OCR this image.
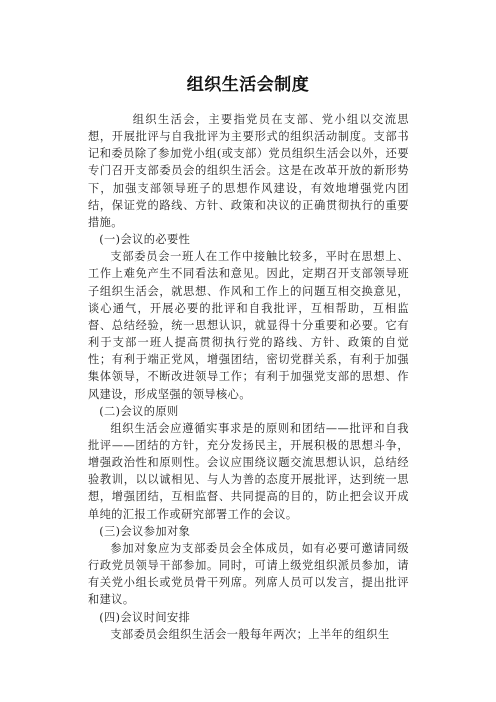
组织生活会制度

组织生活会，主要指党员在支部、党小组以交流思想，开展批评与自我批评为主要形式的组织活动制度。支部书记和委员除了参加党小组(或支部）党员组织生活会以外，还要专门召开支部委员会的组织生活会。这是在改革开放的新形势下，加强支部领导班子的思想作风建设，有效地增强党内团结，保证党的路线、方针、政策和决议的正确贯彻执行的重要措施。

(一)会议的必要性

支部委员会一班人在工作中接触比较多，平时在思想上、工作上难免产生不同看法和意见。因此，定期召开支部领导班子组织生活会，就思想、作风和工作上的问题互相交换意见，谈心通气，开展必要的批评和自我批评，互相帮助，互相监督、总结经验，统一思想认识，就显得十分重要和必要。它有利于支部一班人提高贯彻执行党的路线、方针、政策的自觉性；有利于端正党风，增强团结，密切党群关系，有利于加强集体领导，不断改进领导工作；有利于加强党支部的思想、作风建设，形成坚强的领导核心。

(二)会议的原则

组织生活会应遵循实事求是的原则和团结——批评和自我批评——团结的方针，充分发扬民主，开展积极的思想斗争，增强政治性和原则性。会议应围绕议题交流思想认识，总结经验教训，以以诚相见、与人为善的态度开展批评，达到统一思想，增强团结，互相监督、共同提高的目的，防止把会议开成单纯的汇报工作或研究部署工作的会议。

(三)会议参加对象

参加对象应为支部委员会全体成员，如有必要可邀请同级行政党员领导干部参加。同时，可请上级党组织派员参加，请有关党小组长或党员骨干列席。列席人员可以发言，提出批评和建议。

(四)会议时间安排

支部委员会组织生活会一般每年两次；上半年的组织生
